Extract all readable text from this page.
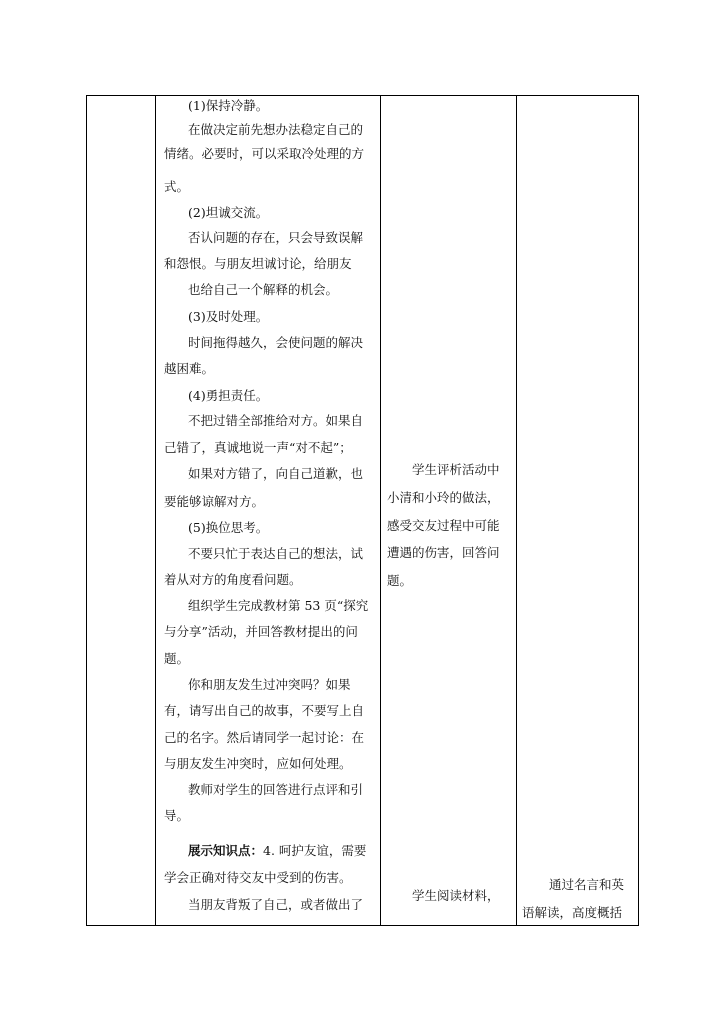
(1)保持冷静。
在做决定前先想办法稳定自己的
情绪。必要时，可以采取冷处理的方
式。
(2)坦诚交流。
否认问题的存在，只会导致误解
和怨恨。与朋友坦诚讨论，给朋友
也给自己一个解释的机会。
(3)及时处理。
时间拖得越久，会使问题的解决
越困难。
(4)勇担责任。
不把过错全部推给对方。如果自
己错了，真诚地说一声“对不起”；
如果对方错了，向自己道歉，也
要能够谅解对方。
(5)换位思考。
不要只忙于表达自己的想法，试
着从对方的角度看问题。
组织学生完成教材第 53 页“探究
与分享”活动，并回答教材提出的问
题。
你和朋友发生过冲突吗？如果
有，请写出自己的故事，不要写上自
己的名字。然后请同学一起讨论：在
与朋友发生冲突时，应如何处理。
教师对学生的回答进行点评和引
导。
展示知识点：4. 呵护友谊，需要
学会正确对待交友中受到的伤害。
当朋友背叛了自己，或者做出了
学生评析活动中
小清和小玲的做法，
感受交友过程中可能
遭遇的伤害，回答问
题。
学生阅读材料，
通过名言和英
语解读，高度概括
